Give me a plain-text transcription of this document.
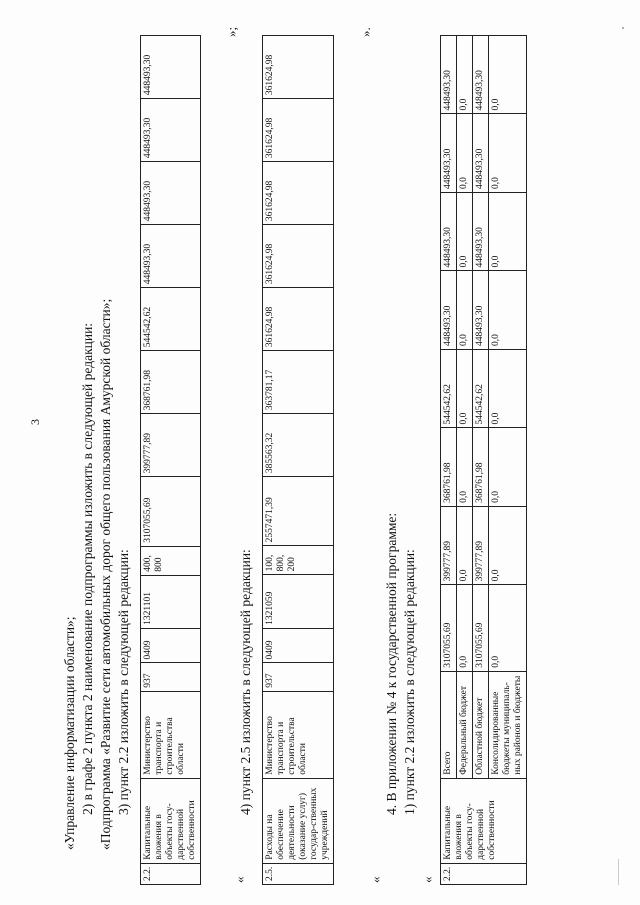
3
«Управление информатизации области»; 2) в графе 2 пункта 2 наименование подпрограммы изложить в следующей редакции: «Подпрограмма «Развитие сети автомобильных дорог общего пользования Амурской области»; 3) пункт 2.2 изложить в следующей редакции:
2.2.	Капитальные вложения в объекты госу-дарственной собственности	Министерство транспорта и строительства области	937	0409	1321101	400, 800	3107055,69	399777,89	368761,98	544542,62	448493,30	448493,30	448493,30	448493,30
»;
«
4) пункт 2.5 изложить в следующей редакции:
2.5.	Расходы на обеспечение деятельности (оказание услуг) государ-ственных учреждений	Министерство транспорта и строительства области	937	0409	1321059	100, 800, 200	2557471,39	385563,32	363781,17	361624,98	361624,98	361624,98	361624,98	361624,98
».
«
4. В приложении № 4 к государственной программе: 1) пункт 2.2 изложить в следующей редакции:
« 2.2.	Капитальные вложения в объекты госу-дарственной собственности	Всего	3107055,69	399777,89	368761,98	544542,62	448493,30	448493,30	448493,30	448493,30
		Федеральный бюджет	0,0	0,0	0,0	0,0	0,0	0,0	0,0	0,0
		Областной бюджет	3107055,69	399777,89	368761,98	544542,62	448493,30	448493,30	448493,30	448493,30
		Консолидированные бюджеты муниципаль-ных районов и бюджеты	0,0	0,0	0,0	0,0	0,0	0,0	0,0	0,0
